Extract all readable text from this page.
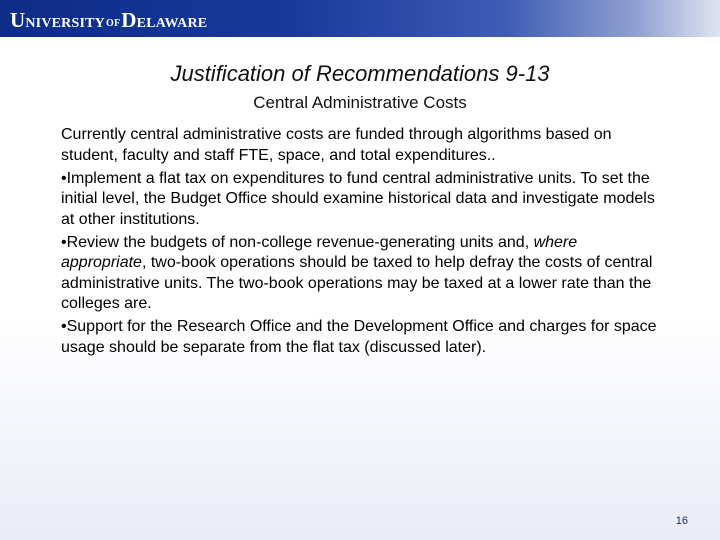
UNIVERSITYOFDELAWARE
Justification of Recommendations 9-13
Central Administrative Costs

Currently central administrative costs are funded through algorithms based on student, faculty and staff FTE, space, and total expenditures..

•Implement a flat tax on expenditures to fund central administrative units. To set the initial level, the Budget Office should examine historical data and investigate models at other institutions.

•Review the budgets of non-college revenue-generating units and, where appropriate, two-book operations should be taxed to help defray the costs of central administrative units. The two-book operations may be taxed at a lower rate than the colleges are.

•Support for the Research Office and the Development Office and charges for space usage should be separate from the flat tax (discussed later).

16
